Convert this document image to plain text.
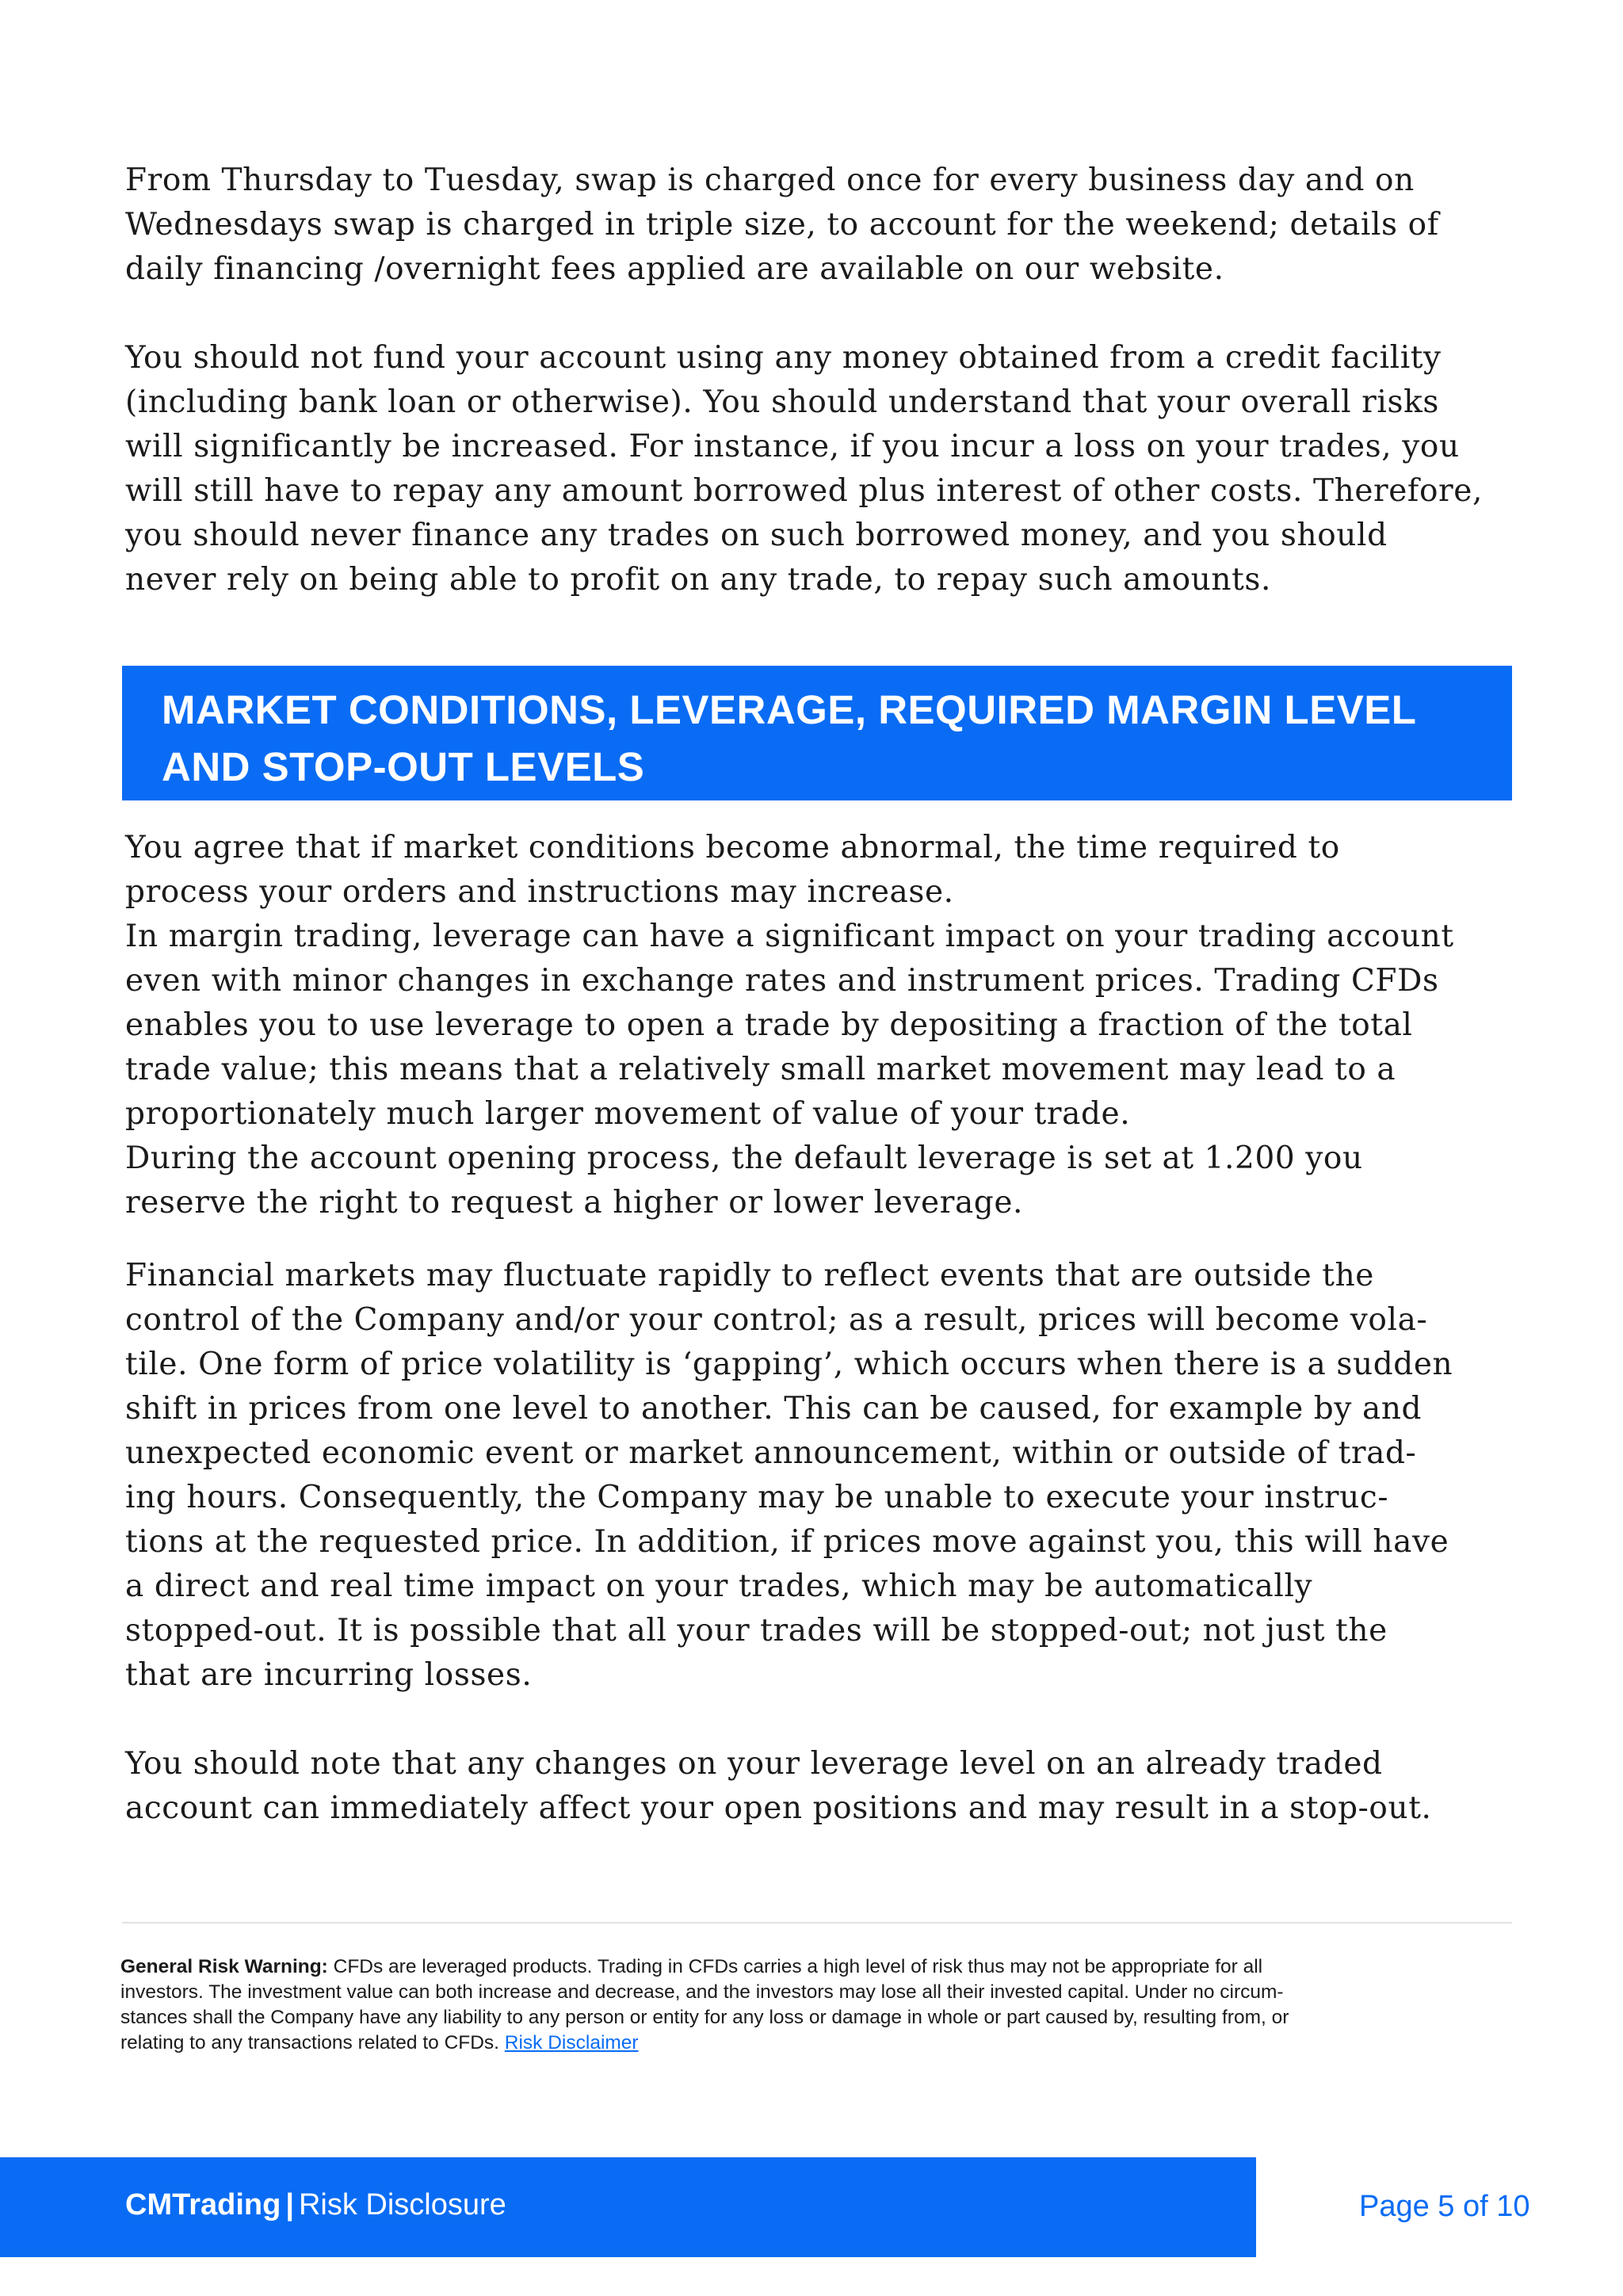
From Thursday to Tuesday, swap is charged once for every business day and on
Wednesdays swap is charged in triple size, to account for the weekend; details of
daily financing /overnight fees applied are available on our website.

You should not fund your account using any money obtained from a credit facility
(including bank loan or otherwise). You should understand that your overall risks
will significantly be increased. For instance, if you incur a loss on your trades, you
will still have to repay any amount borrowed plus interest of other costs. Therefore,
you should never finance any trades on such borrowed money, and you should
never rely on being able to profit on any trade, to repay such amounts.

MARKET CONDITIONS, LEVERAGE, REQUIRED MARGIN LEVEL
AND STOP-OUT LEVELS

You agree that if market conditions become abnormal, the time required to
process your orders and instructions may increase.
In margin trading, leverage can have a significant impact on your trading account
even with minor changes in exchange rates and instrument prices. Trading CFDs
enables you to use leverage to open a trade by depositing a fraction of the total
trade value; this means that a relatively small market movement may lead to a
proportionately much larger movement of value of your trade.
During the account opening process, the default leverage is set at 1.200 you
reserve the right to request a higher or lower leverage.

Financial markets may fluctuate rapidly to reflect events that are outside the
control of the Company and/or your control; as a result, prices will become vola-
tile. One form of price volatility is ‘gapping’, which occurs when there is a sudden
shift in prices from one level to another. This can be caused, for example by and
unexpected economic event or market announcement, within or outside of trad-
ing hours. Consequently, the Company may be unable to execute your instruc-
tions at the requested price. In addition, if prices move against you, this will have
a direct and real time impact on your trades, which may be automatically
stopped-out. It is possible that all your trades will be stopped-out; not just the
that are incurring losses.

You should note that any changes on your leverage level on an already traded
account can immediately affect your open positions and may result in a stop-out.

General Risk Warning: CFDs are leveraged products. Trading in CFDs carries a high level of risk thus may not be appropriate for all
investors. The investment value can both increase and decrease, and the investors may lose all their invested capital. Under no circum-
stances shall the Company have any liability to any person or entity for any loss or damage in whole or part caused by, resulting from, or
relating to any transactions related to CFDs. Risk Disclaimer
CMTrading | Risk Disclosure	Page 5 of 10
